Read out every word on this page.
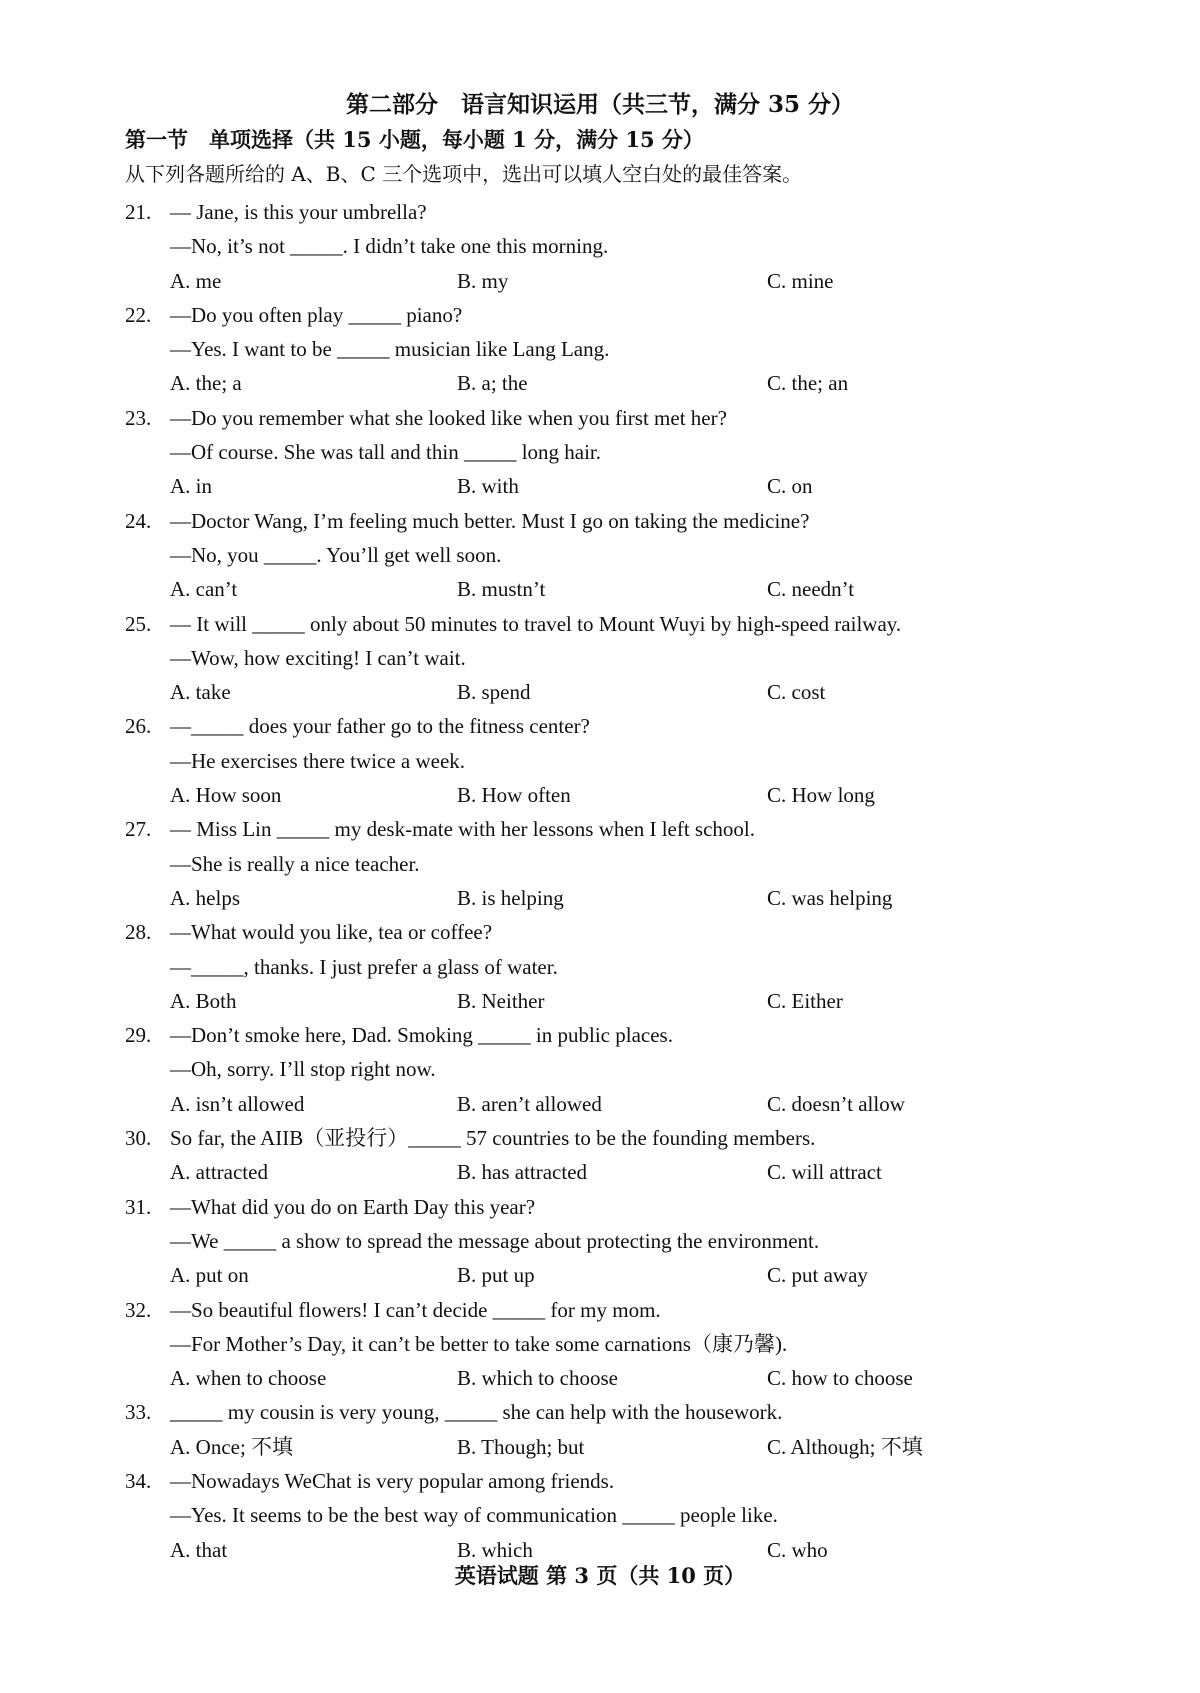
第二部分　语言知识运用（共三节，满分 35 分）
第一节　单项选择（共 15 小题，每小题 1 分，满分 15 分）
从下列各题所给的 A、B、C 三个选项中，选出可以填人空白处的最佳答案。
21. — Jane, is this your umbrella?
—No, it’s not _____. I didn’t take one this morning.
A. me	B. my	C. mine
22. —Do you often play _____ piano?
—Yes. I want to be _____ musician like Lang Lang.
A. the; a	B. a; the	C. the; an
23. —Do you remember what she looked like when you first met her?
—Of course. She was tall and thin _____ long hair.
A. in	B. with	C. on
24. —Doctor Wang, I’m feeling much better. Must I go on taking the medicine?
—No, you _____. You’ll get well soon.
A. can’t	B. mustn’t	C. needn’t
25. — It will _____ only about 50 minutes to travel to Mount Wuyi by high-speed railway.
—Wow, how exciting! I can’t wait.
A. take	B. spend	C. cost
26. —_____ does your father go to the fitness center?
—He exercises there twice a week.
A. How soon	B. How often	C. How long
27. — Miss Lin _____ my desk-mate with her lessons when I left school.
—She is really a nice teacher.
A. helps	B. is helping	C. was helping
28. —What would you like, tea or coffee?
—_____, thanks. I just prefer a glass of water.
A. Both	B. Neither	C. Either
29. —Don’t smoke here, Dad. Smoking _____ in public places.
—Oh, sorry. I’ll stop right now.
A. isn’t allowed	B. aren’t allowed	C. doesn’t allow
30. So far, the AIIB（亚投行）_____ 57 countries to be the founding members.
A. attracted	B. has attracted	C. will attract
31. —What did you do on Earth Day this year?
—We _____ a show to spread the message about protecting the environment.
A. put on	B. put up	C. put away
32. —So beautiful flowers! I can’t decide _____ for my mom.
—For Mother’s Day, it can’t be better to take some carnations（康乃馨).
A. when to choose	B. which to choose	C. how to choose
33. _____ my cousin is very young, _____ she can help with the housework.
A. Once; 不填	B. Though; but	C. Although; 不填
34. —Nowadays WeChat is very popular among friends.
—Yes. It seems to be the best way of communication _____ people like.
A. that	B. which	C. who
英语试题 第 3 页（共 10 页）
